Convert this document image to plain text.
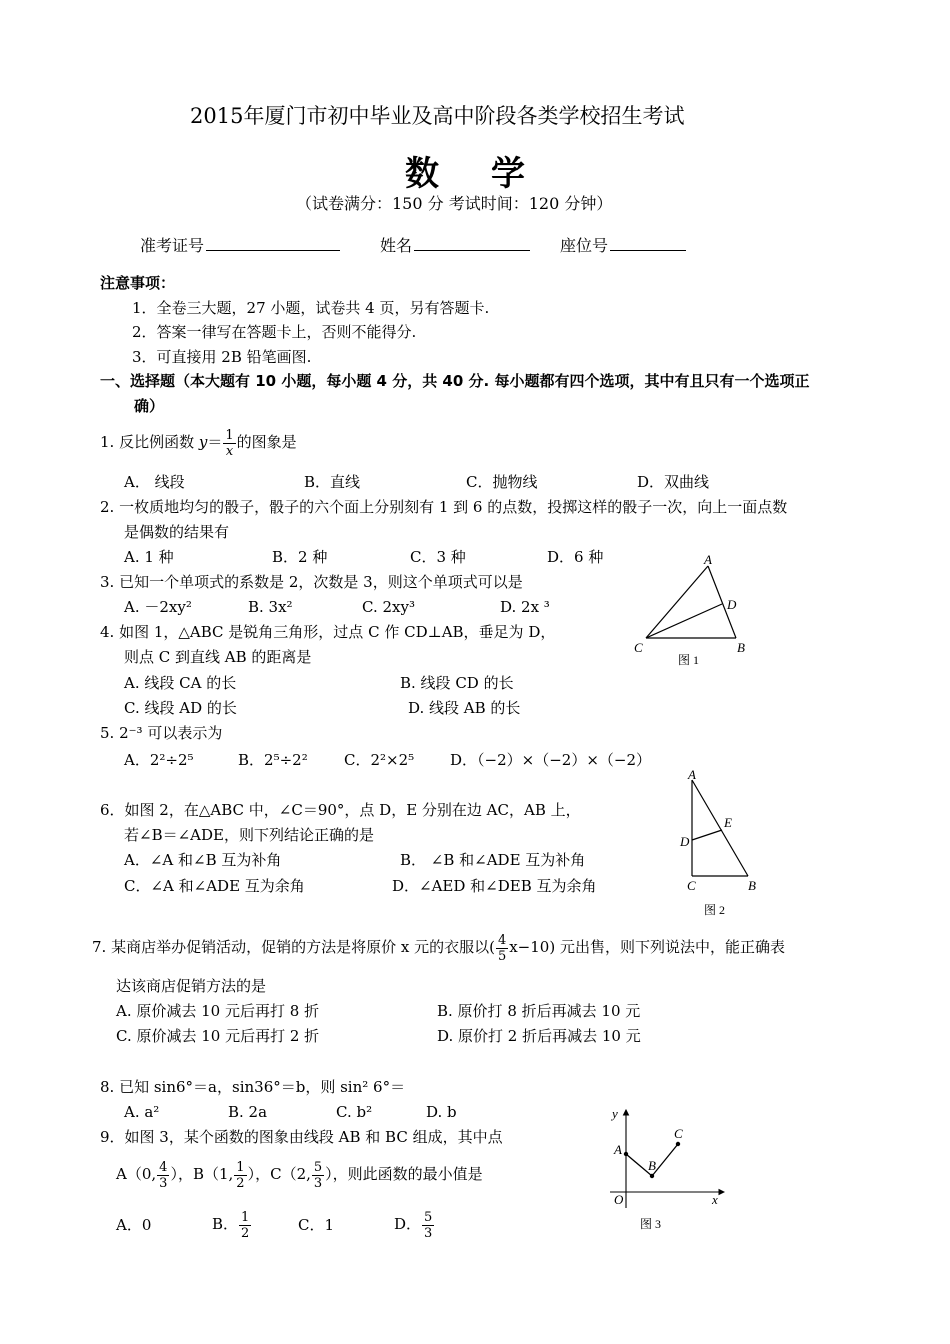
2015年厦门市初中毕业及高中阶段各类学校招生考试
数学
（试卷满分：150 分 考试时间：120 分钟）
准考证号	姓名	座位号
注意事项：
1．全卷三大题，27 小题，试卷共 4 页，另有答题卡.
2．答案一律写在答题卡上，否则不能得分.
3．可直接用 2B 铅笔画图.
一、选择题（本大题有 10 小题，每小题 4 分，共 40 分. 每小题都有四个选项，其中有且只有一个选项正
确）
1. 反比例函数 $y= \frac{1}{x}$ 的图象是
A． 线段	B．直线	C．抛物线	D．双曲线
2. 一枚质地均匀的骰子，骰子的六个面上分别刻有 1 到 6 的点数，投掷这样的骰子一次，向上一面点数
是偶数的结果有
A. 1 种	B．2 种	C．3 种	D．6 种
3. 已知一个单项式的系数是 2，次数是 3，则这个单项式可以是
A. －2xy²	B. 3x²	C. 2xy³	D. 2x ³
4. 如图 1，△ABC 是锐角三角形，过点 C 作 CD⊥AB，垂足为 D，
则点 C 到直线 AB 的距离是
A. 线段 CA 的长	B. 线段 CD 的长
C. 线段 AD 的长	D. 线段 AB 的长
A
B
C
D
图 1
5. 2⁻³ 可以表示为
A．2²÷2⁵	B．2⁵÷2² C．2²×2⁵ D．（−2）×（−2）×（−2）
6．如图 2，在△ABC 中，∠C＝90°，点 D，E 分别在边 AC，AB 上，
若∠B＝∠ADE，则下列结论正确的是
A．∠A 和∠B 互为补角	B． ∠B 和∠ADE 互为补角
C．∠A 和∠ADE 互为余角	D．∠AED 和∠DEB 互为余角
A
B
C
D
E
图 2
7. 某商店举办促销活动，促销的方法是将原价 x 元的衣服以( $\frac{4}{5} x-10$) 元出售，则下列说法中，能正确表
达该商店促销方法的是
A. 原价减去 10 元后再打 8 折	B. 原价打 8 折后再减去 10 元
C. 原价减去 10 元后再打 2 折	D. 原价打 2 折后再减去 10 元
8. 已知 sin6°＝a，sin36°＝b，则 sin² 6°＝
A. a²	B. 2a	C. b²	D. b
9．如图 3，某个函数的图象由线段 AB 和 BC 组成，其中点
A（0, $\frac{4}{3}$ ），B（1, $\frac{1}{2}$ ），C（2, $\frac{5}{3}$ ），则此函数的最小值是
A．0	B． $\frac{1}{2}$	C．1	D． $\frac{5}{3}$
y
x
O
A
B
C
图 3
